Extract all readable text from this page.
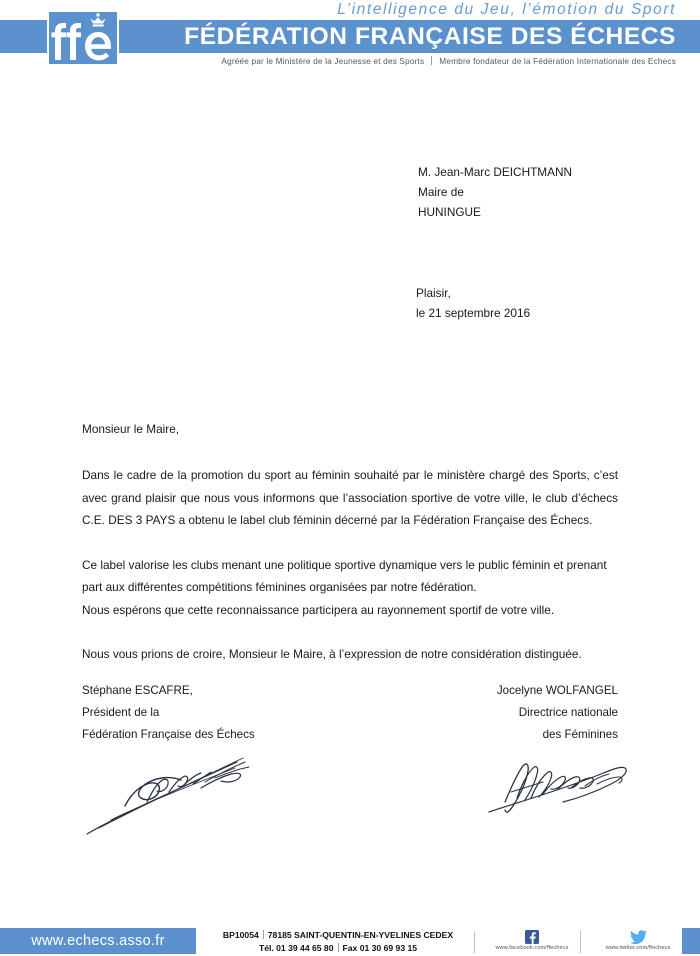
L’intelligence du Jeu, l’émotion du Sport
FÉDÉRATION FRANÇAISE DES ÉCHECS
Agréée par le Ministère de la Jeunesse et des Sports Membre fondateur de la Fédération Internationale des Echecs
M. Jean-Marc DEICHTMANN
Maire de
HUNINGUE
Plaisir,
le 21 septembre 2016

Monsieur le Maire,

Dans le cadre de la promotion du sport au féminin souhaité par le ministère chargé des Sports, c’est avec grand plaisir que nous vous informons que l’association sportive de votre ville, le club d’échecs C.E. DES 3 PAYS a obtenu le label club féminin décerné par la Fédération Française des Échecs.

Ce label valorise les clubs menant une politique sportive dynamique vers le public féminin et prenant part aux différentes compétitions féminines organisées par notre fédération.

Nous espérons que cette reconnaissance participera au rayonnement sportif de votre ville.

Nous vous prions de croire, Monsieur le Maire, à l’expression de notre considération distinguée.

Stéphane ESCAFRE,
Président de la
Fédération Française des Échecs
Jocelyne WOLFANGEL
Directrice nationale
des Féminines
www.echecs.asso.fr	BP10054 78185 SAINT-QUENTIN-EN-YVELINES CEDEX
Tél. 01 39 44 65 80 Fax 01 30 69 93 15	www.facebook.com/ffechecs	www.twitter.com/ffechecs
